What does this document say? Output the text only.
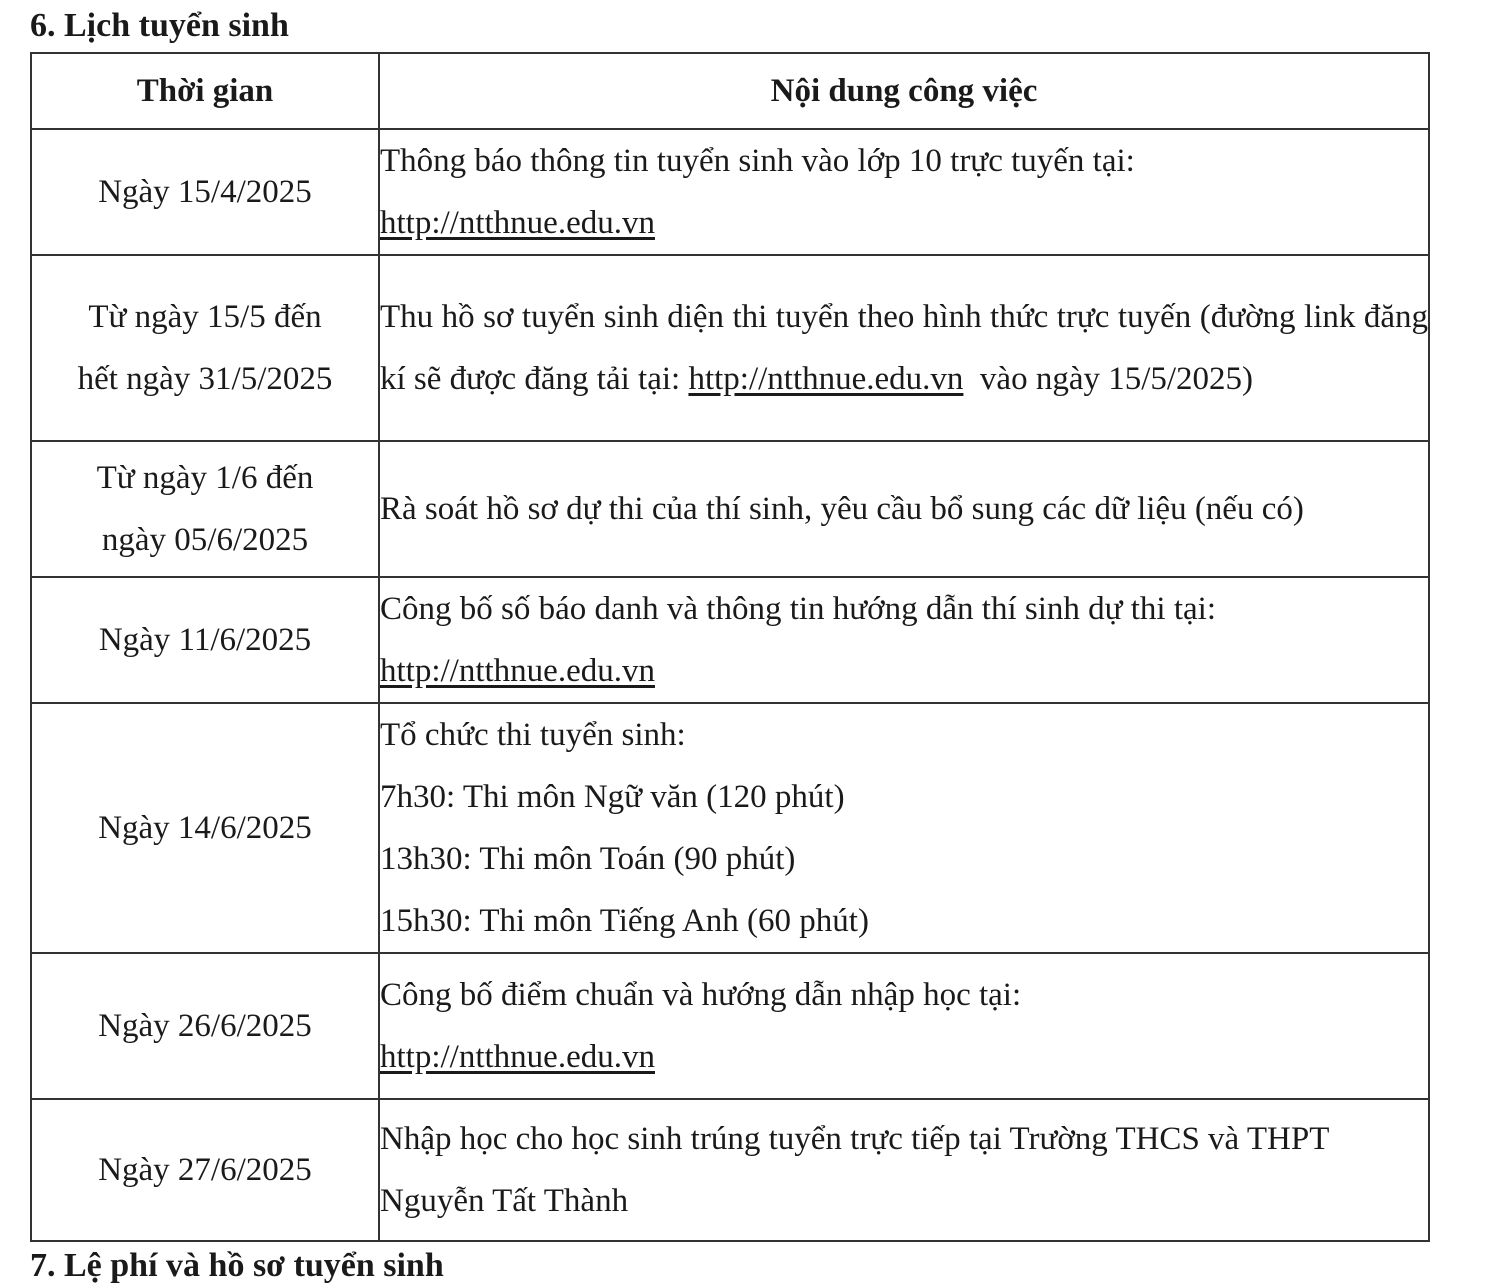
6. Lịch tuyển sinh
Thời gian	Nội dung công việc
Ngày 15/4/2025	Thông báo thông tin tuyển sinh vào lớp 10 trực tuyến tại:
http://ntthnue.edu.vn

Từ ngày 15/5 đến
hết ngày 31/5/2025	Thu hồ sơ tuyển sinh diện thi tuyển theo hình thức trực tuyến (đường link đăng kí sẽ được đăng tải tại: http://ntthnue.edu.vn  vào ngày 15/5/2025)

Từ ngày 1/6 đến
ngày 05/6/2025	Rà soát hồ sơ dự thi của thí sinh, yêu cầu bổ sung các dữ liệu (nếu có)
Ngày 11/6/2025	Công bố số báo danh và thông tin hướng dẫn thí sinh dự thi tại:
http://ntthnue.edu.vn
Ngày 14/6/2025	Tổ chức thi tuyển sinh:
7h30: Thi môn Ngữ văn (120 phút)
13h30: Thi môn Toán (90 phút)
15h30: Thi môn Tiếng Anh (60 phút)

Ngày 26/6/2025	Công bố điểm chuẩn và hướng dẫn nhập học tại:
http://ntthnue.edu.vn
Ngày 27/6/2025	Nhập học cho học sinh trúng tuyển trực tiếp tại Trường THCS và THPT Nguyễn Tất Thành
7. Lệ phí và hồ sơ tuyển sinh
